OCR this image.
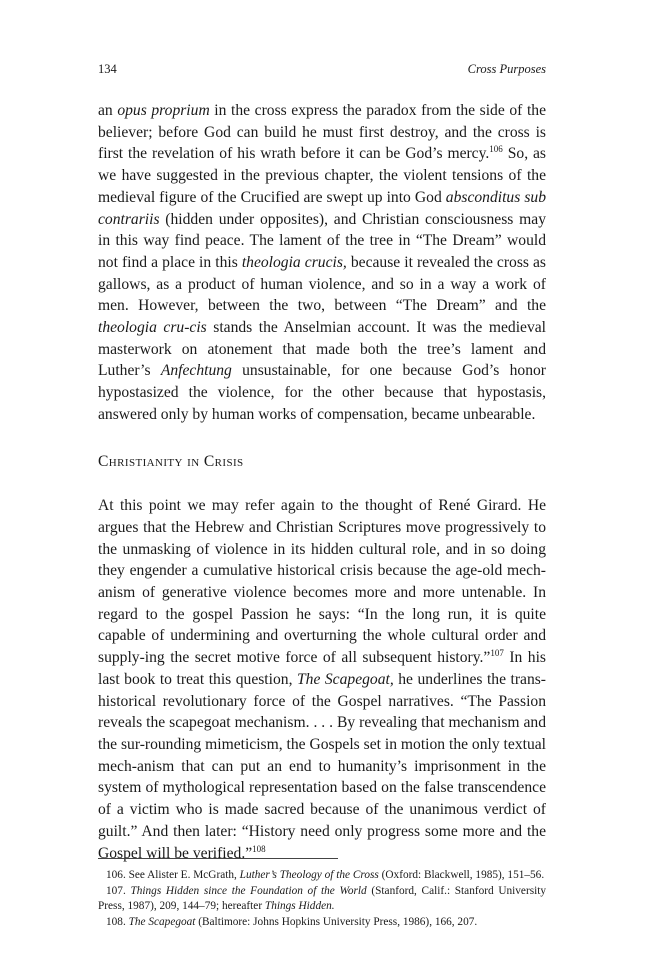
134	Cross Purposes

an opus proprium in the cross express the paradox from the side of the believer; before God can build he must first destroy, and the cross is first the revelation of his wrath before it can be God’s mercy.$^{106}$ So, as we have suggested in the previous chapter, the violent tensions of the medieval figure of the Crucified are swept up into God absconditus sub contrariis (hidden under opposites), and Christian consciousness may in this way find peace. The lament of the tree in “The Dream” would not find a place in this theologia crucis, because it revealed the cross as gallows, as a product of human violence, and so in a way a work of men. However, between the two, between “The Dream” and the theologia cru-cis stands the Anselmian account. It was the medieval masterwork on atonement that made both the tree’s lament and Luther’s Anfechtung unsustainable, for one because God’s honor hypostasized the violence, for the other because that hypostasis, answered only by human works of compensation, became unbearable.

Christianity in Crisis

At this point we may refer again to the thought of René Girard. He argues that the Hebrew and Christian Scriptures move progressively to the unmasking of violence in its hidden cultural role, and in so doing they engender a cumulative historical crisis because the age-old mech-anism of generative violence becomes more and more untenable. In regard to the gospel Passion he says: “In the long run, it is quite capable of undermining and overturning the whole cultural order and supply-ing the secret motive force of all subsequent history.”$^{107}$ In his last book to treat this question, The Scapegoat, he underlines the trans-historical revolutionary force of the Gospel narratives. “The Passion reveals the scapegoat mechanism. . . . By revealing that mechanism and the sur-rounding mimeticism, the Gospels set in motion the only textual mech-anism that can put an end to humanity’s imprisonment in the system of mythological representation based on the false transcendence of a victim who is made sacred because of the unanimous verdict of guilt.” And then later: “History need only progress some more and the Gospel will be verified.”$^{108}$

106. See Alister E. McGrath, Luther’s Theology of the Cross (Oxford: Blackwell, 1985), 151–56.

107. Things Hidden since the Foundation of the World (Stanford, Calif.: Stanford University Press, 1987), 209, 144–79; hereafter Things Hidden.

108. The Scapegoat (Baltimore: Johns Hopkins University Press, 1986), 166, 207.
